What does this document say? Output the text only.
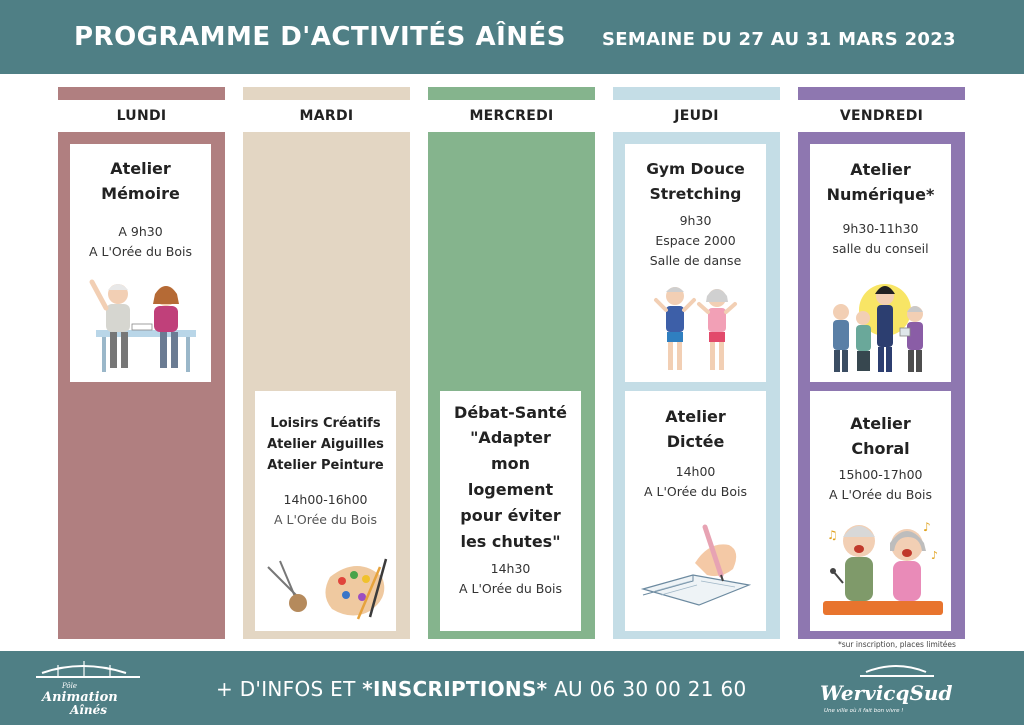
PROGRAMME D'ACTIVITÉS AÎNÉS SEMAINE DU 27 AU 31 MARS 2023
LUNDI
Atelier Mémoire
A 9h30
A L'Orée du Bois
MARDI
Loisirs Créatifs
Atelier Aiguilles
Atelier Peinture
14h00-16h00
A L'Orée du Bois
MERCREDI
Débat-Santé
"Adapter
mon
logement
pour éviter
les chutes"
14h30
A L'Orée du Bois
JEUDI
Gym Douce
Stretching
9h30
Espace 2000
Salle de danse
Atelier
Dictée
14h00
A L'Orée du Bois
VENDREDI
Atelier
Numérique*
9h30-11h30
salle du conseil
Atelier
Choral
15h00-17h00
A L'Orée du Bois
♪
♫
♪
*sur inscription, places limitées
+ D'INFOS ET *INSCRIPTIONS* AU 06 30 00 21 60
Pôle
Animation
Aînés
WervicqSud
Une ville où il fait bon vivre !
